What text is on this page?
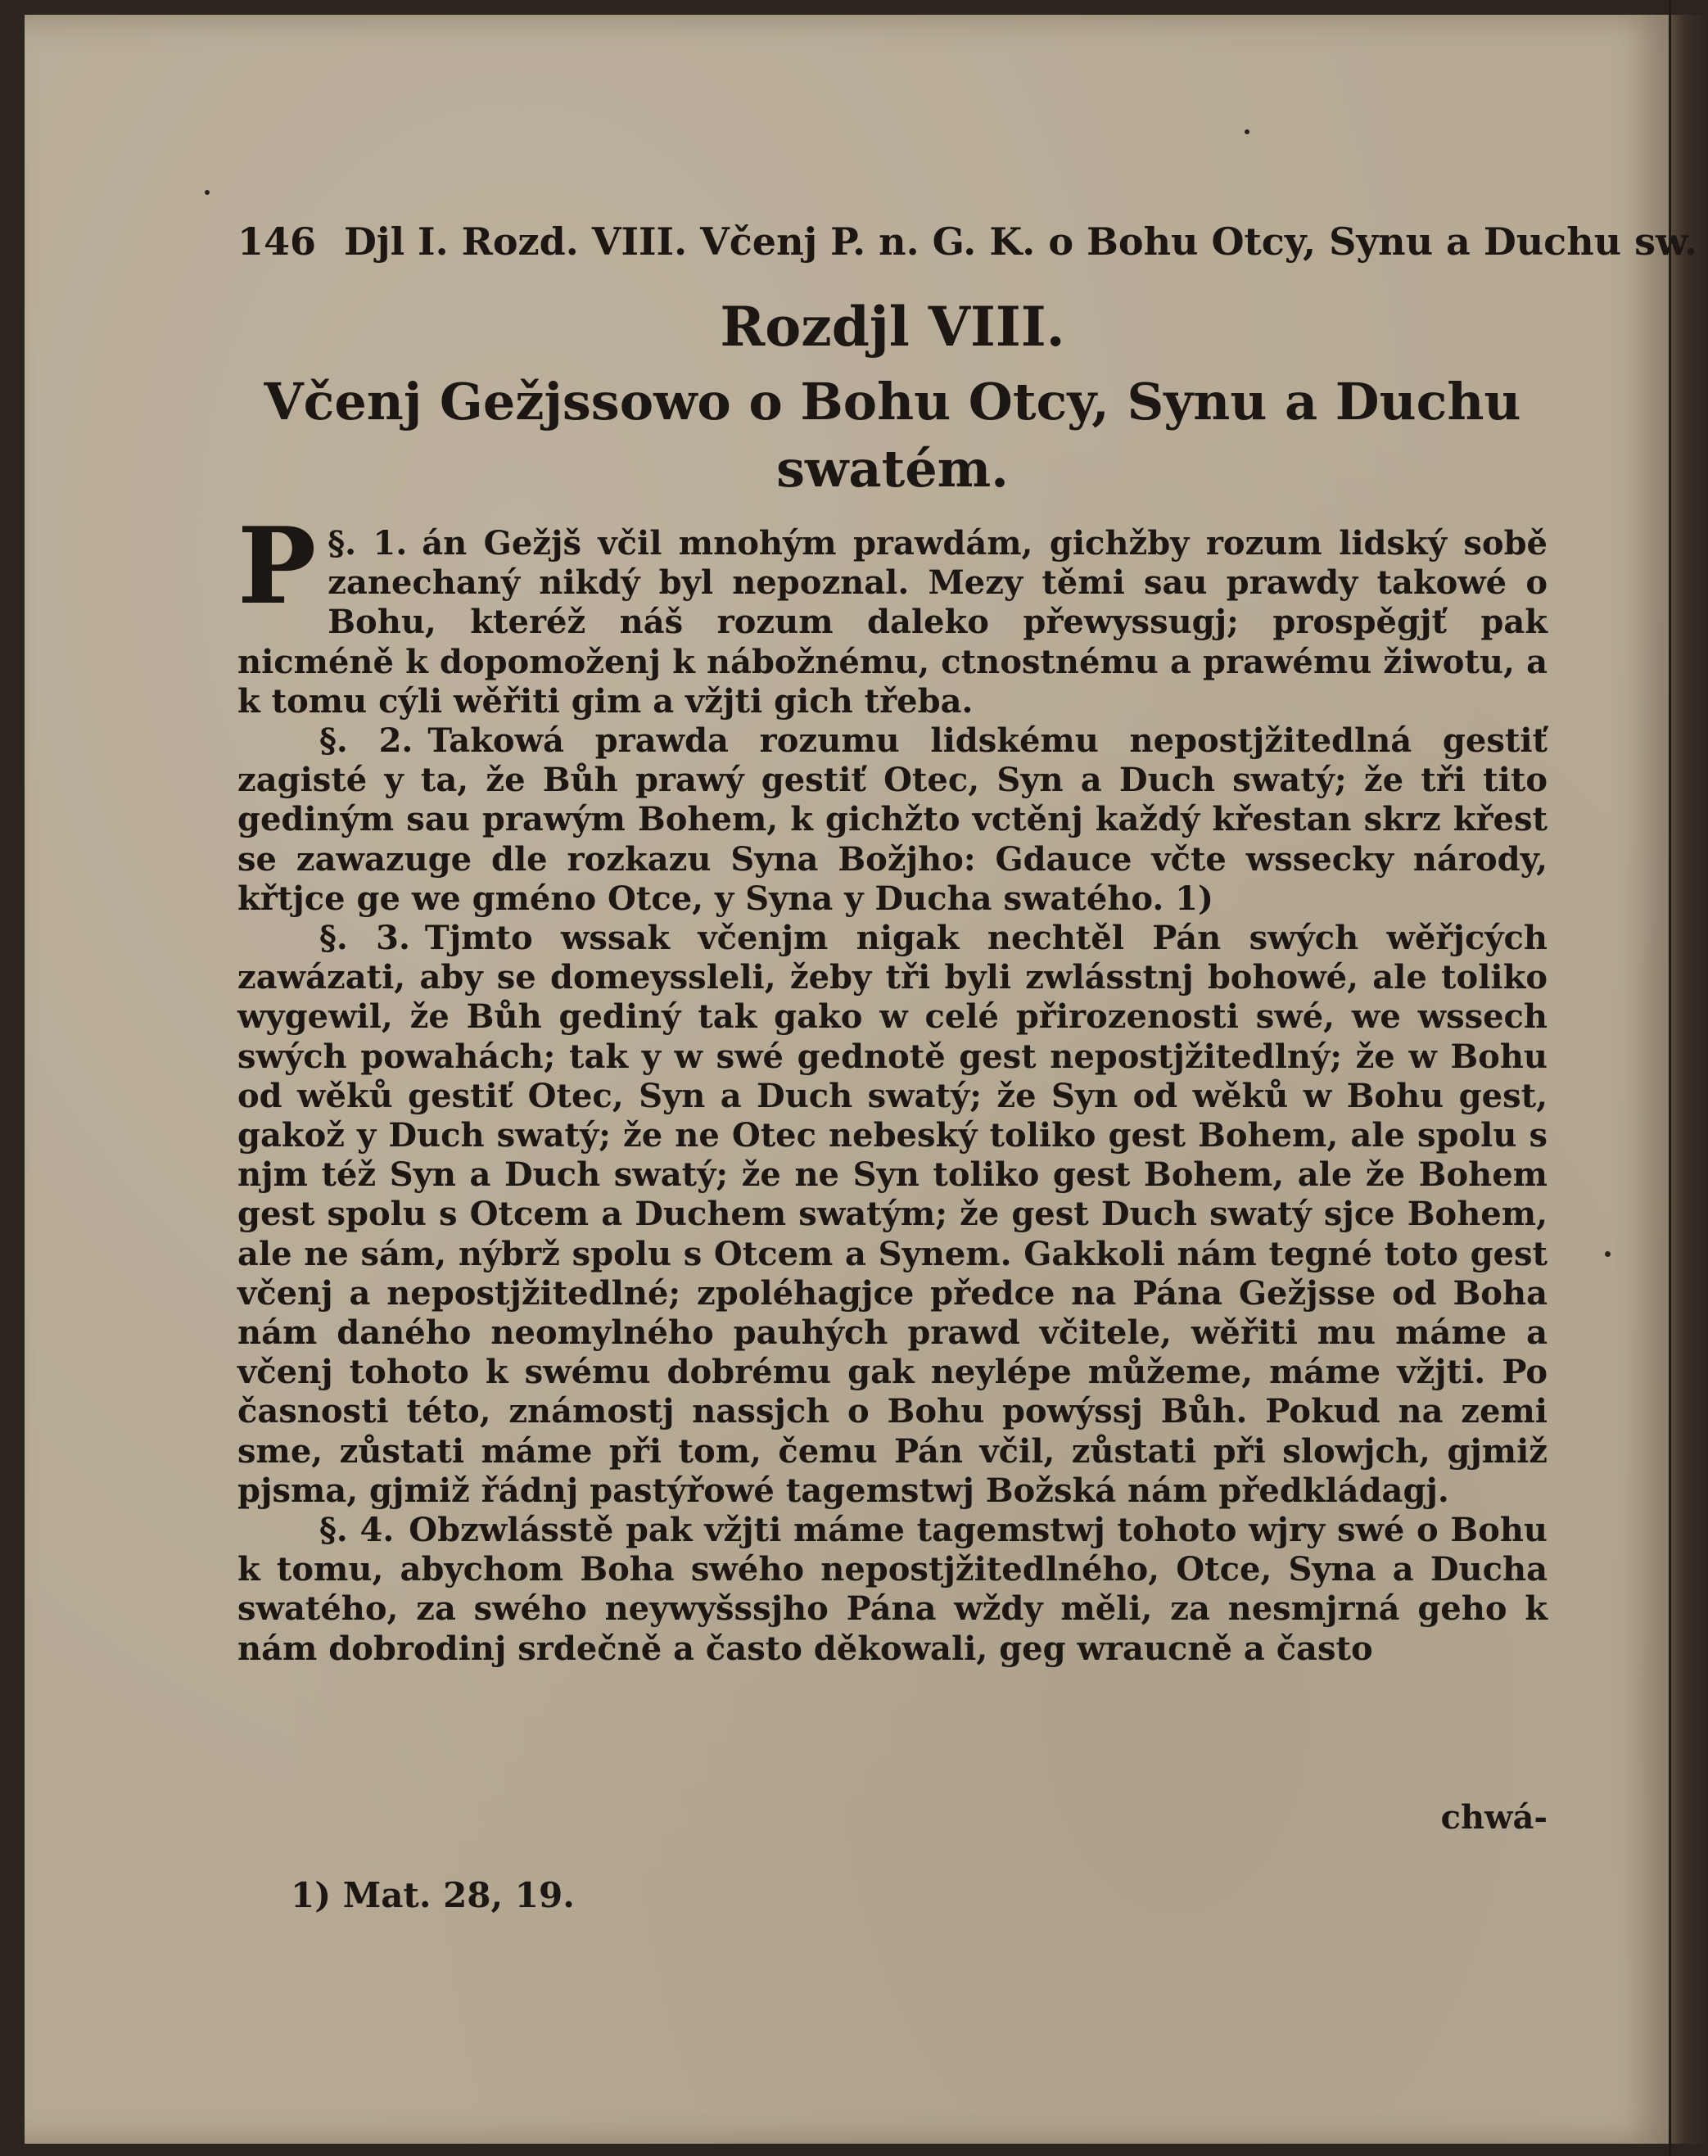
146 Djl I. Rozd. VIII. Včenj P. n. G. K. o Bohu Otcy, Synu a Duchu sw.
Rozdjl VIII.
Včenj Gežjssowo o Bohu Otcy, Synu a Duchu
swatém.

§. 1.
P	án Gežjš včil mnohým prawdám, gichžby rozum lidský sobě zanechaný nikdý byl nepoznal. Mezy těmi sau prawdy takowé o Bohu, kteréž náš rozum daleko přewyssugj; prospěgjť pak nicméně k dopomoženj k nábožnému, ctnostnému a prawému žiwotu, a k tomu cýli wěřiti gim a vžjti gich třeba.

§. 2. Takowá prawda rozumu lidskému nepostjžitedlná gestiť zagisté y ta, že Bůh prawý gestiť Otec, Syn a Duch swatý; že tři tito gediným sau prawým Bohem, k gichžto vctěnj každý křestan skrz křest se zawazuge dle rozkazu Syna Božjho: Gdauce včte wssecky národy, křtjce ge we gméno Otce, y Syna y Ducha swatého. 1)

§. 3. Tjmto wssak včenjm nigak nechtěl Pán swých wěřjcých zawázati, aby se domeyssleli, žeby tři byli zwlásstnj bohowé, ale toliko wygewil, že Bůh gediný tak gako w celé přirozenosti swé, we wssech swých powahách; tak y w swé gednotě gest nepostjžitedlný; že w Bohu od wěků gestiť Otec, Syn a Duch swatý; že Syn od wěků w Bohu gest, gakož y Duch swatý; že ne Otec nebeský toliko gest Bohem, ale spolu s njm též Syn a Duch swatý; že ne Syn toliko gest Bohem, ale že Bohem gest spolu s Otcem a Duchem swatým; že gest Duch swatý sjce Bohem, ale ne sám, nýbrž spolu s Otcem a Synem. Gakkoli nám tegné toto gest včenj a nepostjžitedlné; zpoléhagjce předce na Pána Gežjsse od Boha nám daného neomylného pauhých prawd včitele, wěřiti mu máme a včenj tohoto k swému dobrému gak neylépe můžeme, máme vžjti. Po časnosti této, známostj nassjch o Bohu powýssj Bůh. Pokud na zemi sme, zůstati máme při tom, čemu Pán včil, zůstati při slowjch, gjmiž pjsma, gjmiž řádnj pastýřowé tagemstwj Božská nám předkládagj.

§. 4. Obzwlásstě pak vžjti máme tagemstwj tohoto wjry swé o Bohu k tomu, abychom Boha swého nepostjžitedlného, Otce, Syna a Ducha swatého, za swého neywyšssjho Pána wždy měli, za nesmjrná geho k nám dobrodinj srdečně a často děkowali, geg wraucně a často

chwá-
1) Mat. 28, 19.
